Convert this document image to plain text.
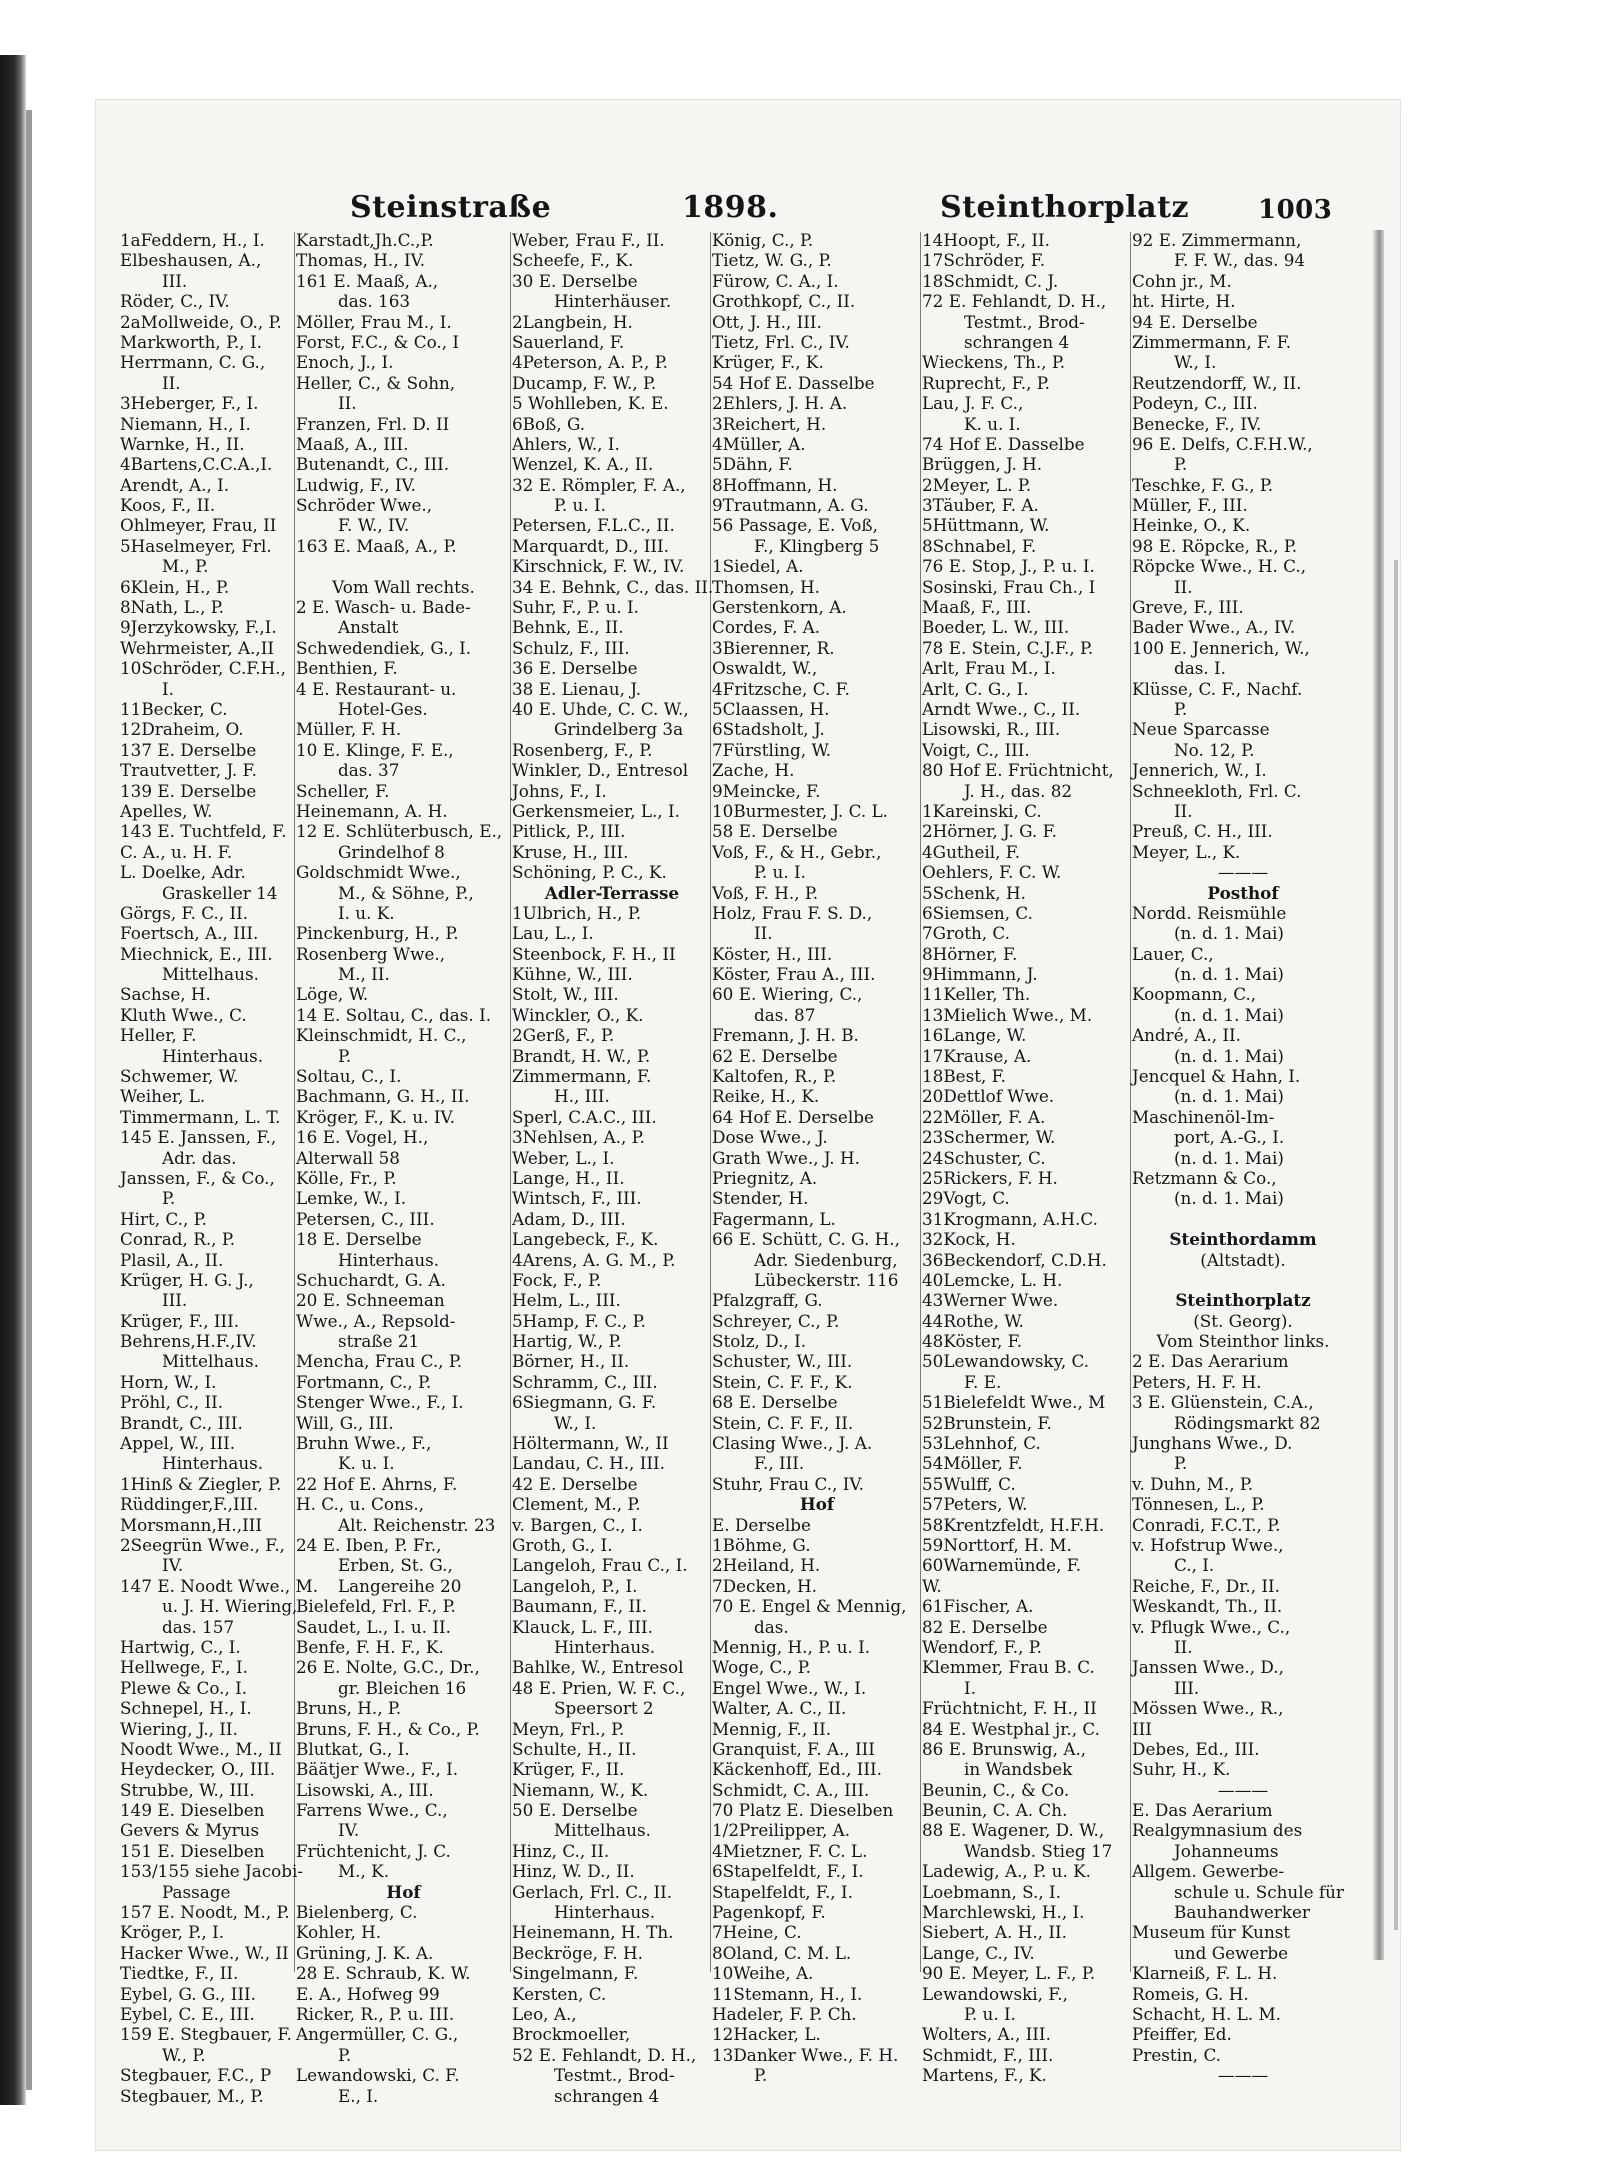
Steinstraße	1898.	Steinthorplatz	1003
1aFeddern, H., I.
Elbeshausen, A.,
III.
Röder, C., IV.
2aMollweide, O., P.
Markworth, P., I.
Herrmann, C. G.,
II.
3Heberger, F., I.
Niemann, H., I.
Warnke, H., II.
4Bartens,C.C.A.,I.
Arendt, A., I.
Koos, F., II.
Ohlmeyer, Frau, II
5Haselmeyer, Frl.
M., P.
6Klein, H., P.
8Nath, L., P.
9Jerzykowsky, F.,I.
Wehrmeister, A.,II
10Schröder, C.F.H.,
I.
11Becker, C.
12Draheim, O.
137 E. Derselbe
Trautvetter, J. F.
139 E. Derselbe
Apelles, W.
143 E. Tuchtfeld, F.
C. A., u. H. F.
L. Doelke, Adr.
Graskeller 14
Görgs, F. C., II.
Foertsch, A., III.
Miechnick, E., III.
Mittelhaus.
Sachse, H.
Kluth Wwe., C.
Heller, F.
Hinterhaus.
Schwemer, W.
Weiher, L.
Timmermann, L. T.
145 E. Janssen, F.,
Adr. das.
Janssen, F., & Co.,
P.
Hirt, C., P.
Conrad, R., P.
Plasil, A., II.
Krüger, H. G. J.,
III.
Krüger, F., III.
Behrens,H.F.,IV.
Mittelhaus.
Horn, W., I.
Pröhl, C., II.
Brandt, C., III.
Appel, W., III.
Hinterhaus.
1Hinß & Ziegler, P.
Rüddinger,F.,III.
Morsmann,H.,III
2Seegrün Wwe., F.,
IV.
147 E. Noodt Wwe., M.
u. J. H. Wiering,
das. 157
Hartwig, C., I.
Hellwege, F., I.
Plewe & Co., I.
Schnepel, H., I.
Wiering, J., II.
Noodt Wwe., M., II
Heydecker, O., III.
Strubbe, W., III.
149 E. Dieselben
Gevers & Myrus
151 E. Dieselben
153/155 siehe Jacobi-
Passage
157 E. Noodt, M., P.
Kröger, P., I.
Hacker Wwe., W., II
Tiedtke, F., II.
Eybel, G. G., III.
Eybel, C. E., III.
159 E. Stegbauer, F.
W., P.
Stegbauer, F.C., P
Stegbauer, M., P.
Karstadt,Jh.C.,P.
Thomas, H., IV.
161 E. Maaß, A.,
das. 163
Möller, Frau M., I.
Forst, F.C., & Co., I
Enoch, J., I.
Heller, C., & Sohn,
II.
Franzen, Frl. D. II
Maaß, A., III.
Butenandt, C., III.
Ludwig, F., IV.
Schröder Wwe.,
F. W., IV.
163 E. Maaß, A., P.
Vom Wall rechts.
2 E. Wasch- u. Bade-
Anstalt
Schwedendiek, G., I.
Benthien, F.
4 E. Restaurant- u.
Hotel-Ges.
Müller, F. H.
10 E. Klinge, F. E.,
das. 37
Scheller, F.
Heinemann, A. H.
12 E. Schlüterbusch, E.,
Grindelhof 8
Goldschmidt Wwe.,
M., & Söhne, P.,
I. u. K.
Pinckenburg, H., P.
Rosenberg Wwe.,
M., II.
Löge, W.
14 E. Soltau, C., das. I.
Kleinschmidt, H. C.,
P.
Soltau, C., I.
Bachmann, G. H., II.
Kröger, F., K. u. IV.
16 E. Vogel, H.,
Alterwall 58
Kölle, Fr., P.
Lemke, W., I.
Petersen, C., III.
18 E. Derselbe
Hinterhaus.
Schuchardt, G. A.
20 E. Schneeman
Wwe., A., Repsold-
straße 21
Mencha, Frau C., P.
Fortmann, C., P.
Stenger Wwe., F., I.
Will, G., III.
Bruhn Wwe., F.,
K. u. I.
22 Hof E. Ahrns, F.
H. C., u. Cons.,
Alt. Reichenstr. 23
24 E. Iben, P. Fr.,
Erben, St. G.,
Langereihe 20
Bielefeld, Frl. F., P.
Saudet, L., I. u. II.
Benfe, F. H. F., K.
26 E. Nolte, G.C., Dr.,
gr. Bleichen 16
Bruns, H., P.
Bruns, F. H., & Co., P.
Blutkat, G., I.
Bäätjer Wwe., F., I.
Lisowski, A., III.
Farrens Wwe., C.,
IV.
Früchtenicht, J. C.
M., K.
Hof
Bielenberg, C.
Kohler, H.
Grüning, J. K. A.
28 E. Schraub, K. W.
E. A., Hofweg 99
Ricker, R., P. u. III.
Angermüller, C. G.,
P.
Lewandowski, C. F.
E., I.
Weber, Frau F., II.
Scheefe, F., K.
30 E. Derselbe
Hinterhäuser.
2Langbein, H.
Sauerland, F.
4Peterson, A. P., P.
Ducamp, F. W., P.
5 Wohlleben, K. E.
6Boß, G.
Ahlers, W., I.
Wenzel, K. A., II.
32 E. Römpler, F. A.,
P. u. I.
Petersen, F.L.C., II.
Marquardt, D., III.
Kirschnick, F. W., IV.
34 E. Behnk, C., das. II.
Suhr, F., P. u. I.
Behnk, E., II.
Schulz, F., III.
36 E. Derselbe
38 E. Lienau, J.
40 E. Uhde, C. C. W.,
Grindelberg 3a
Rosenberg, F., P.
Winkler, D., Entresol
Johns, F., I.
Gerkensmeier, L., I.
Pitlick, P., III.
Kruse, H., III.
Schöning, P. C., K.
Adler-Terrasse
1Ulbrich, H., P.
Lau, L., I.
Steenbock, F. H., II
Kühne, W., III.
Stolt, W., III.
Winckler, O., K.
2Gerß, F., P.
Brandt, H. W., P.
Zimmermann, F.
H., III.
Sperl, C.A.C., III.
3Nehlsen, A., P.
Weber, L., I.
Lange, H., II.
Wintsch, F., III.
Adam, D., III.
Langebeck, F., K.
4Arens, A. G. M., P.
Fock, F., P.
Helm, L., III.
5Hamp, F. C., P.
Hartig, W., P.
Börner, H., II.
Schramm, C., III.
6Siegmann, G. F.
W., I.
Höltermann, W., II
Landau, C. H., III.
42 E. Derselbe
Clement, M., P.
v. Bargen, C., I.
Groth, G., I.
Langeloh, Frau C., I.
Langeloh, P., I.
Baumann, F., II.
Klauck, L. F., III.
Hinterhaus.
Bahlke, W., Entresol
48 E. Prien, W. F. C.,
Speersort 2
Meyn, Frl., P.
Schulte, H., II.
Krüger, F., II.
Niemann, W., K.
50 E. Derselbe
Mittelhaus.
Hinz, C., II.
Hinz, W. D., II.
Gerlach, Frl. C., II.
Hinterhaus.
Heinemann, H. Th.
Beckröge, F. H.
Singelmann, F.
Kersten, C.
Leo, A.,
Brockmoeller,
52 E. Fehlandt, D. H.,
Testmt., Brod-
schrangen 4
König, C., P.
Tietz, W. G., P.
Fürow, C. A., I.
Grothkopf, C., II.
Ott, J. H., III.
Tietz, Frl. C., IV.
Krüger, F., K.
54 Hof E. Dasselbe
2Ehlers, J. H. A.
3Reichert, H.
4Müller, A.
5Dähn, F.
8Hoffmann, H.
9Trautmann, A. G.
56 Passage, E. Voß,
F., Klingberg 5
1Siedel, A.
Thomsen, H.
Gerstenkorn, A.
Cordes, F. A.
3Bierenner, R.
Oswaldt, W.,
4Fritzsche, C. F.
5Claassen, H.
6Stadsholt, J.
7Fürstling, W.
Zache, H.
9Meincke, F.
10Burmester, J. C. L.
58 E. Derselbe
Voß, F., & H., Gebr.,
P. u. I.
Voß, F. H., P.
Holz, Frau F. S. D.,
II.
Köster, H., III.
Köster, Frau A., III.
60 E. Wiering, C.,
das. 87
Fremann, J. H. B.
62 E. Derselbe
Kaltofen, R., P.
Reike, H., K.
64 Hof E. Derselbe
Dose Wwe., J.
Grath Wwe., J. H.
Priegnitz, A.
Stender, H.
Fagermann, L.
66 E. Schütt, C. G. H.,
Adr. Siedenburg,
Lübeckerstr. 116
Pfalzgraff, G.
Schreyer, C., P.
Stolz, D., I.
Schuster, W., III.
Stein, C. F. F., K.
68 E. Derselbe
Stein, C. F. F., II.
Clasing Wwe., J. A.
F., III.
Stuhr, Frau C., IV.
Hof
E. Derselbe
1Böhme, G.
2Heiland, H.
7Decken, H.
70 E. Engel & Mennig,
das.
Mennig, H., P. u. I.
Woge, C., P.
Engel Wwe., W., I.
Walter, A. C., II.
Mennig, F., II.
Granquist, F. A., III
Käckenhoff, Ed., III.
Schmidt, C. A., III.
70 Platz E. Dieselben
1/2Preilipper, A.
4Mietzner, F. C. L.
6Stapelfeldt, F., I.
Stapelfeldt, F., I.
Pagenkopf, F.
7Heine, C.
8Oland, C. M. L.
10Weihe, A.
11Stemann, H., I.
Hadeler, F. P. Ch.
12Hacker, L.
13Danker Wwe., F. H.
P.
14Hoopt, F., II.
17Schröder, F.
18Schmidt, C. J.
72 E. Fehlandt, D. H.,
Testmt., Brod-
schrangen 4
Wieckens, Th., P.
Ruprecht, F., P.
Lau, J. F. C.,
K. u. I.
74 Hof E. Dasselbe
Brüggen, J. H.
2Meyer, L. P.
3Täuber, F. A.
5Hüttmann, W.
8Schnabel, F.
76 E. Stop, J., P. u. I.
Sosinski, Frau Ch., I
Maaß, F., III.
Boeder, L. W., III.
78 E. Stein, C.J.F., P.
Arlt, Frau M., I.
Arlt, C. G., I.
Arndt Wwe., C., II.
Lisowski, R., III.
Voigt, C., III.
80 Hof E. Früchtnicht,
J. H., das. 82
1Kareinski, C.
2Hörner, J. G. F.
4Gutheil, F.
Oehlers, F. C. W.
5Schenk, H.
6Siemsen, C.
7Groth, C.
8Hörner, F.
9Himmann, J.
11Keller, Th.
13Mielich Wwe., M.
16Lange, W.
17Krause, A.
18Best, F.
20Dettlof Wwe.
22Möller, F. A.
23Schermer, W.
24Schuster, C.
25Rickers, F. H.
29Vogt, C.
31Krogmann, A.H.C.
32Kock, H.
36Beckendorf, C.D.H.
40Lemcke, L. H.
43Werner Wwe.
44Rothe, W.
48Köster, F.
50Lewandowsky, C.
F. E.
51Bielefeldt Wwe., M
52Brunstein, F.
53Lehnhof, C.
54Möller, F.
55Wulff, C.
57Peters, W.
58Krentzfeldt, H.F.H.
59Norttorf, H. M.
60Warnemünde, F.
W.
61Fischer, A.
82 E. Derselbe
Wendorf, F., P.
Klemmer, Frau B. C.
I.
Früchtnicht, F. H., II
84 E. Westphal jr., C.
86 E. Brunswig, A.,
in Wandsbek
Beunin, C., & Co.
Beunin, C. A. Ch.
88 E. Wagener, D. W.,
Wandsb. Stieg 17
Ladewig, A., P. u. K.
Loebmann, S., I.
Marchlewski, H., I.
Siebert, A. H., II.
Lange, C., IV.
90 E. Meyer, L. F., P.
Lewandowski, F.,
P. u. I.
Wolters, A., III.
Schmidt, F., III.
Martens, F., K.
92 E. Zimmermann,
F. F. W., das. 94
Cohn jr., M.
ht. Hirte, H.
94 E. Derselbe
Zimmermann, F. F.
W., I.
Reutzendorff, W., II.
Podeyn, C., III.
Benecke, F., IV.
96 E. Delfs, C.F.H.W.,
P.
Teschke, F. G., P.
Müller, F., III.
Heinke, O., K.
98 E. Röpcke, R., P.
Röpcke Wwe., H. C.,
II.
Greve, F., III.
Bader Wwe., A., IV.
100 E. Jennerich, W.,
das. I.
Klüsse, C. F., Nachf.
P.
Neue Sparcasse
No. 12, P.
Jennerich, W., I.
Schneekloth, Frl. C.
II.
Preuß, C. H., III.
Meyer, L., K.
———
Posthof
Nordd. Reismühle
(n. d. 1. Mai)
Lauer, C.,
(n. d. 1. Mai)
Koopmann, C.,
(n. d. 1. Mai)
André, A., II.
(n. d. 1. Mai)
Jencquel & Hahn, I.
(n. d. 1. Mai)
Maschinenöl-Im-
port, A.-G., I.
(n. d. 1. Mai)
Retzmann & Co.,
(n. d. 1. Mai)
Steinthordamm
(Altstadt).
Steinthorplatz
(St. Georg).
Vom Steinthor links.
2 E. Das Aerarium
Peters, H. F. H.
3 E. Glüenstein, C.A.,
Rödingsmarkt 82
Junghans Wwe., D.
P.
v. Duhn, M., P.
Tönnesen, L., P.
Conradi, F.C.T., P.
v. Hofstrup Wwe.,
C., I.
Reiche, F., Dr., II.
Weskandt, Th., II.
v. Pflugk Wwe., C.,
II.
Janssen Wwe., D.,
III.
Mössen Wwe., R.,
III
Debes, Ed., III.
Suhr, H., K.
———
E. Das Aerarium
Realgymnasium des
Johanneums
Allgem. Gewerbe-
schule u. Schule für
Bauhandwerker
Museum für Kunst
und Gewerbe
Klarneiß, F. L. H.
Romeis, G. H.
Schacht, H. L. M.
Pfeiffer, Ed.
Prestin, C.
———
